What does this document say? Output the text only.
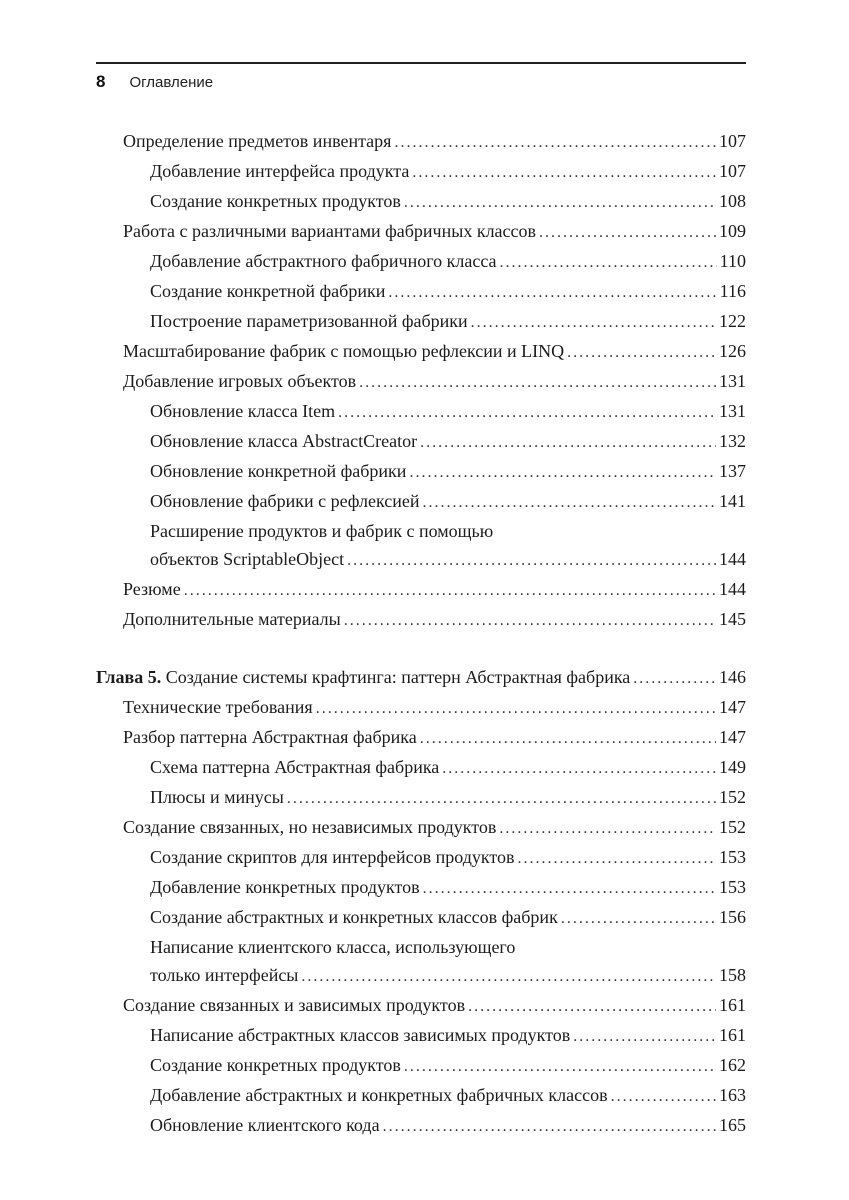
8 Оглавление
Определение предметов инвентаря .....	107
Добавление интерфейса продукта .....	107
Создание конкретных продуктов .....	108
Работа с различными вариантами фабричных классов .....	109
Добавление абстрактного фабричного класса .....	110
Создание конкретной фабрики .....	116
Построение параметризованной фабрики .....	122
Масштабирование фабрик с помощью рефлексии и LINQ .....	126
Добавление игровых объектов .....	131
Обновление класса Item .....	131
Обновление класса AbstractCreator .....	132
Обновление конкретной фабрики .....	137
Обновление фабрики с рефлексией .....	141
Расширение продуктов и фабрик с помощью
объектов ScriptableObject .....	144
Резюме .....	144
Дополнительные материалы .....	145
Глава 5. Создание системы крафтинга: паттерн Абстрактная фабрика .....	146
Технические требования .....	147
Разбор паттерна Абстрактная фабрика .....	147
Схема паттерна Абстрактная фабрика .....	149
Плюсы и минусы .....	152
Создание связанных, но независимых продуктов .....	152
Создание скриптов для интерфейсов продуктов .....	153
Добавление конкретных продуктов .....	153
Создание абстрактных и конкретных классов фабрик .....	156
Написание клиентского класса, использующего
только интерфейсы .....	158
Создание связанных и зависимых продуктов .....	161
Написание абстрактных классов зависимых продуктов .....	161
Создание конкретных продуктов .....	162
Добавление абстрактных и конкретных фабричных классов .....	163
Обновление клиентского кода .....	165
